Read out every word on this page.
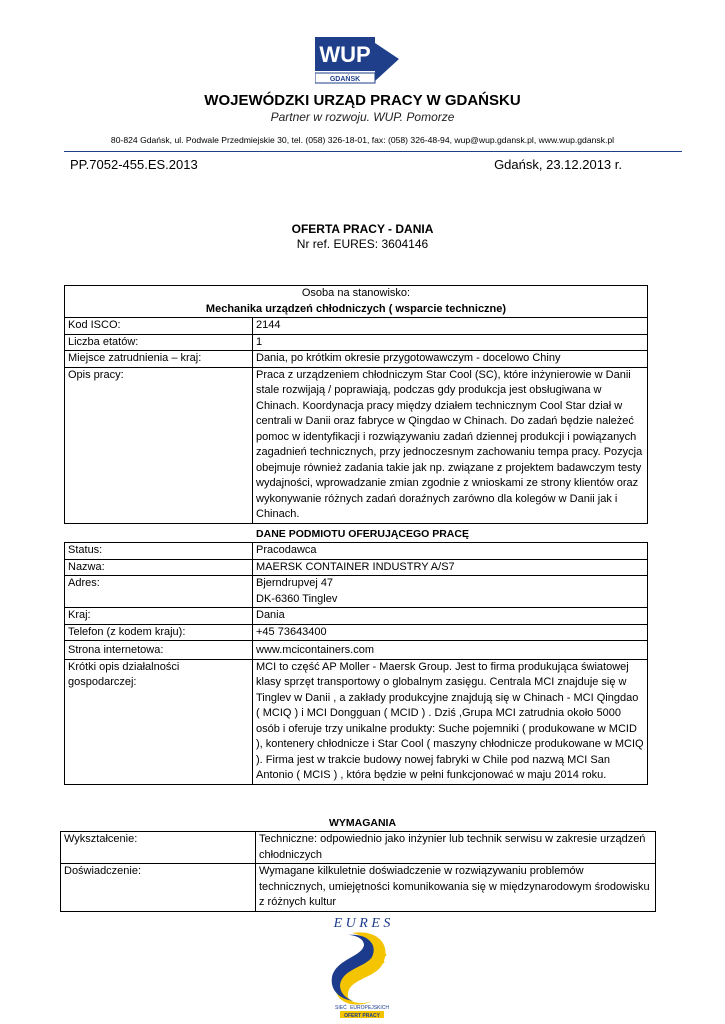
WUP
GDAŃSK
WOJEWÓDZKI URZĄD PRACY W GDAŃSKU
Partner w rozwoju. WUP. Pomorze
80-824 Gdańsk, ul. Podwale Przedmiejskie 30, tel. (058) 326-18-01, fax: (058) 326-48-94, wup@wup.gdansk.pl, www.wup.gdansk.pl
PP.7052-455.ES.2013	Gdańsk, 23.12.2013 r.
OFERTA PRACY - DANIA
Nr ref. EURES: 3604146
Osoba na stanowisko:
Mechanika urządzeń chłodniczych ( wsparcie techniczne)	

Kod ISCO:	2144
Liczba etatów:	1
Miejsce zatrudnienia – kraj:	Dania, po krótkim okresie przygotowawczym - docelowo Chiny
Opis pracy:	Praca z urządzeniem chłodniczym Star Cool (SC), które inżynierowie w Danii stale rozwijają / poprawiają, podczas gdy produkcja jest obsługiwana w Chinach. Koordynacja pracy między działem technicznym Cool Star dział w centrali w Danii oraz fabryce w Qingdao w Chinach. Do zadań będzie należeć pomoc w identyfikacji i rozwiązywaniu zadań dziennej produkcji i powiązanych zagadnień technicznych, przy jednoczesnym zachowaniu tempa pracy. Pozycja obejmuje również zadania takie jak np. związane z projektem badawczym testy wydajności, wprowadzanie zmian zgodnie z wnioskami ze strony klientów oraz wykonywanie różnych zadań doraźnych zarówno dla kolegów w Danii jak i Chinach.
DANE PODMIOTU OFERUJĄCEGO PRACĘ
Status:	Pracodawca
Nazwa:	MAERSK CONTAINER INDUSTRY A/S7
Adres:	Bjerndrupvej 47
DK-6360 Tinglev

Kraj:	Dania
Telefon (z kodem kraju):	+45 73643400
Strona internetowa:	www.mcicontainers.com
Krótki opis działalności gospodarczej:	MCI to część AP Moller - Maersk Group. Jest to firma produkująca światowej klasy sprzęt transportowy o globalnym zasięgu. Centrala MCI znajduje się w Tinglev w Danii , a zakłady produkcyjne znajdują się w Chinach - MCI Qingdao ( MCIQ ) i MCI Dongguan ( MCID ) . Dziś ,Grupa MCI zatrudnia około 5000 osób i oferuje trzy unikalne produkty: Suche pojemniki ( produkowane w MCID ), kontenery chłodnicze i Star Cool ( maszyny chłodnicze produkowane w MCIQ ). Firma jest w trakcie budowy nowej fabryki w Chile pod nazwą MCI San Antonio ( MCIS ) , która będzie w pełni funkcjonować w maju 2014 roku.
WYMAGANIA
Wykształcenie:	Techniczne: odpowiednio jako inżynier lub technik serwisu w zakresie urządzeń chłodniczych
Doświadczenie:	Wymagane kilkuletnie doświadczenie w rozwiązywaniu problemów technicznych, umiejętności komunikowania się w międzynarodowym środowisku z różnych kultur
E U R E S
SIEĆ EUROPEJSKICH
OFERT PRACY
